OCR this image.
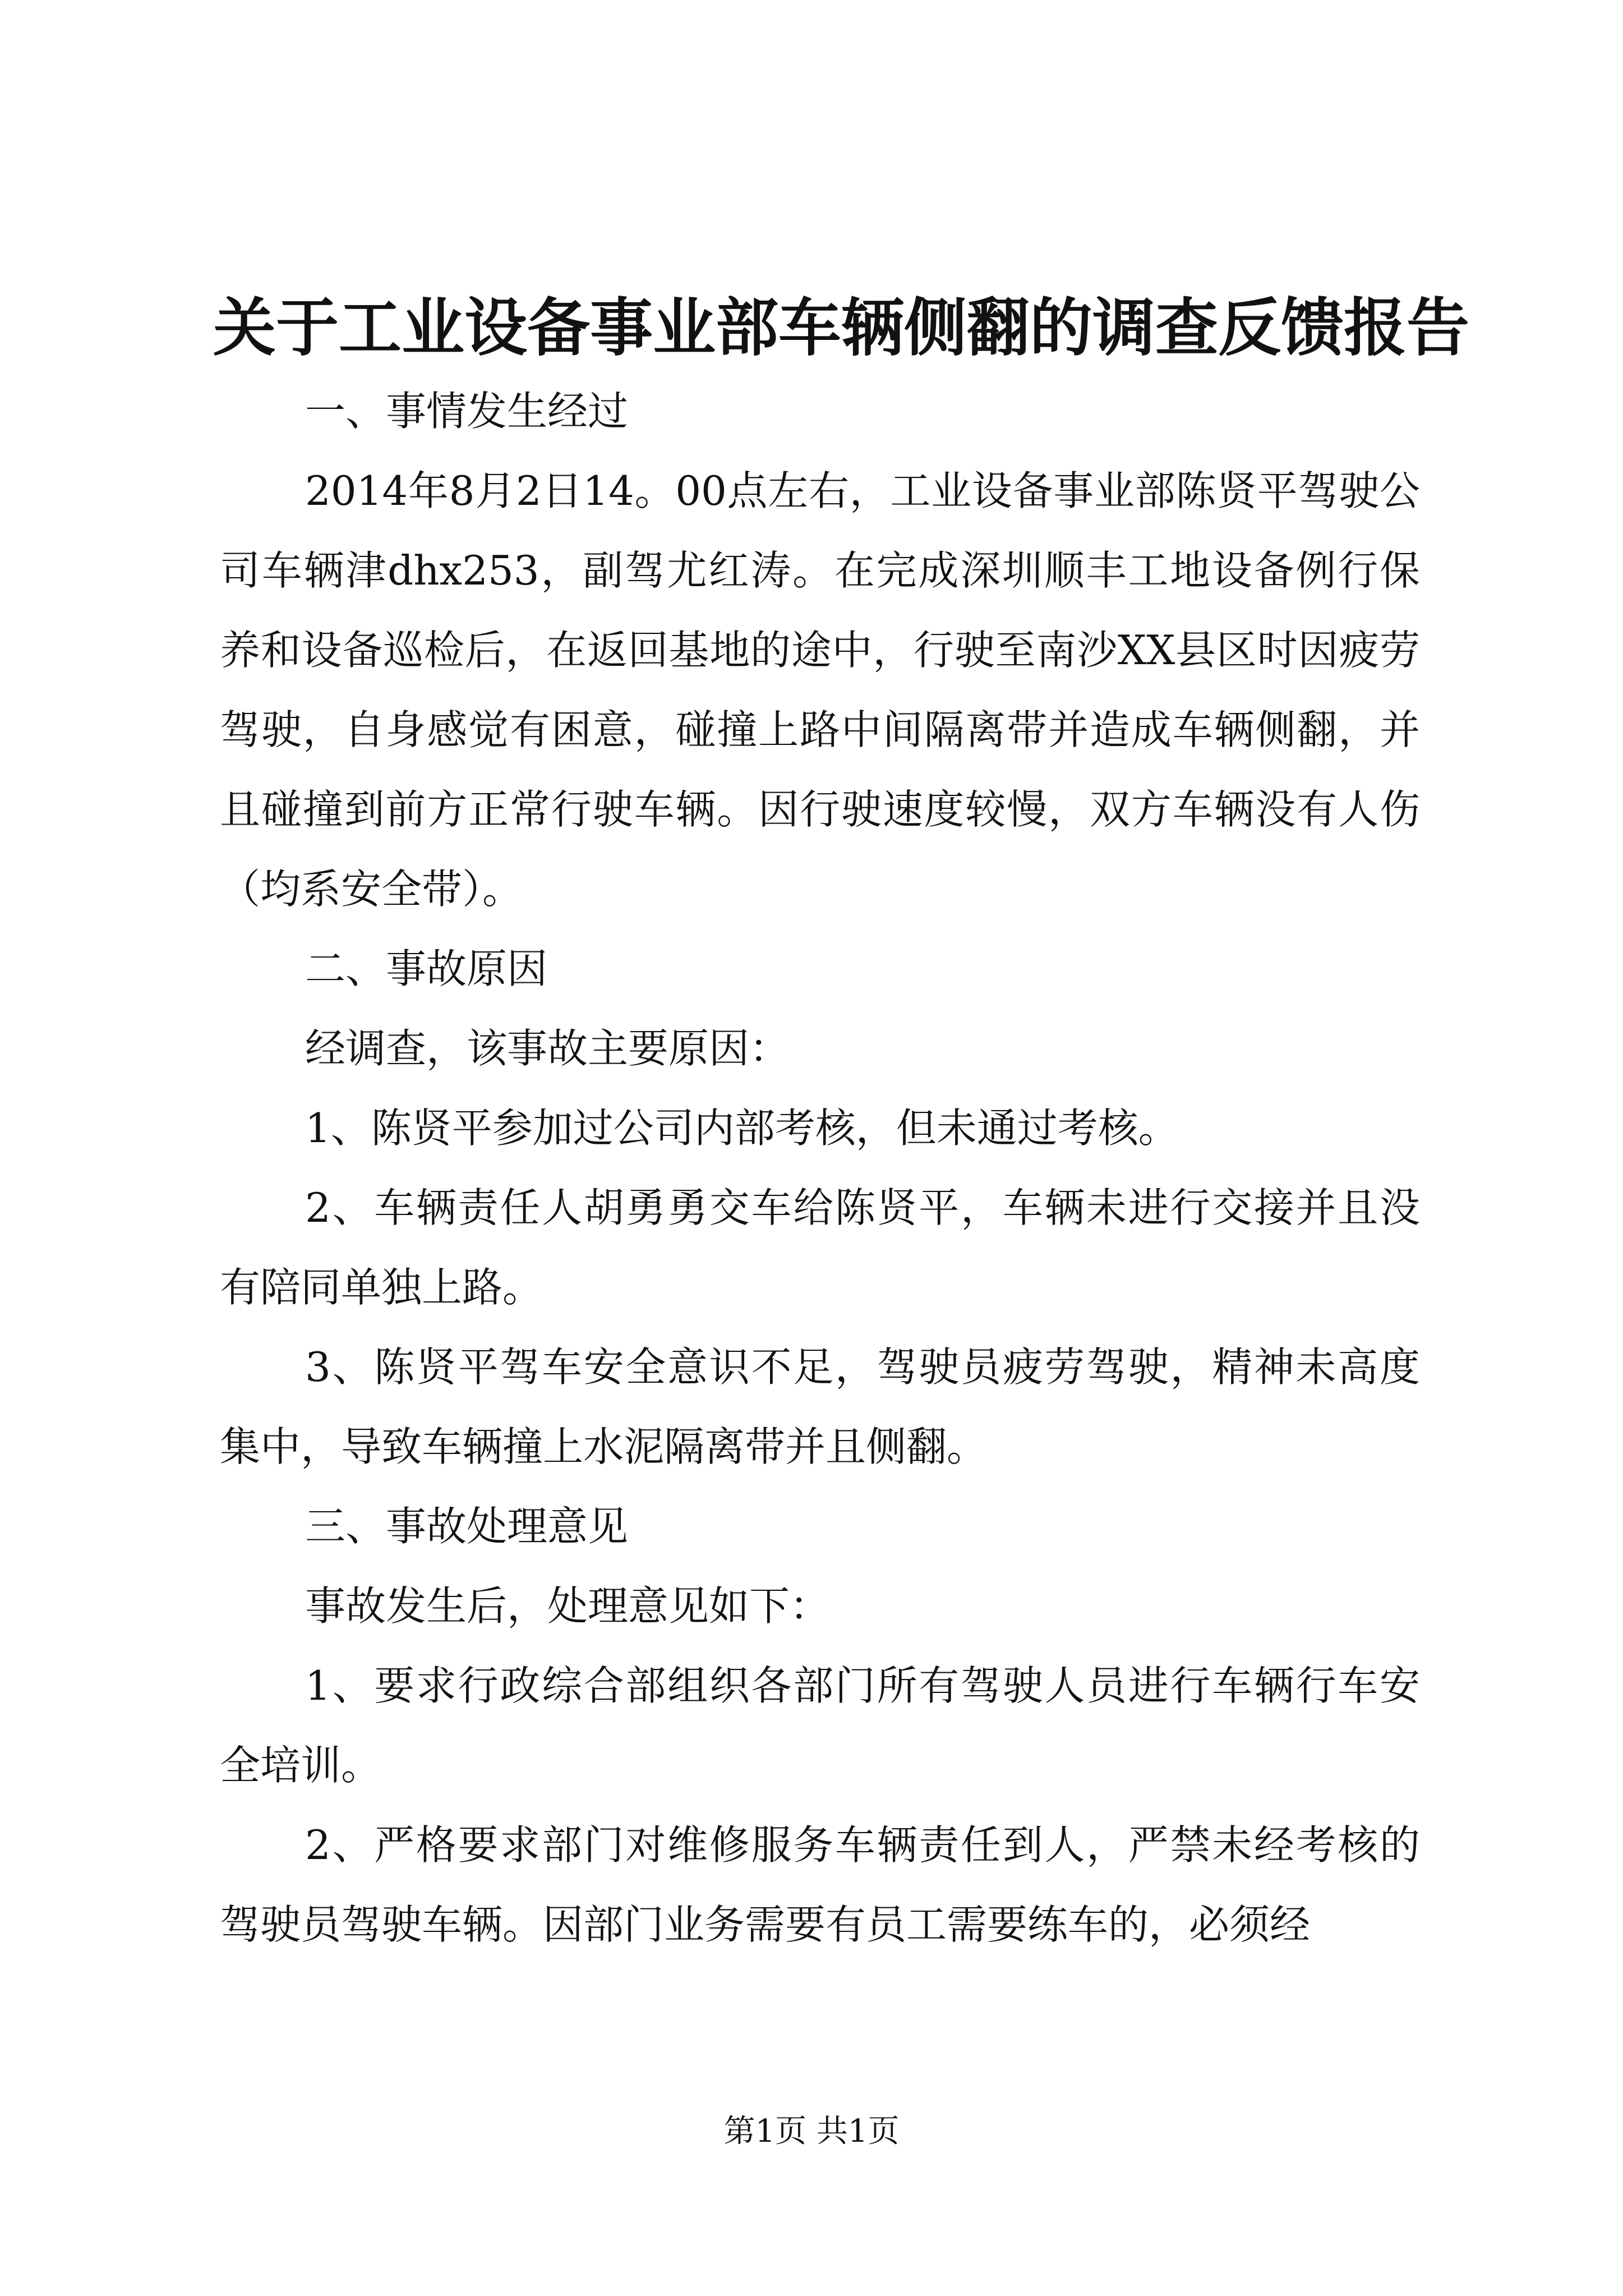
关于工业设备事业部车辆侧翻的调查反馈报告

一、事情发生经过

2014年8月2日14。00点左右，工业设备事业部陈贤平驾驶公司车辆津dhx253，副驾尤红涛。在完成深圳顺丰工地设备例行保养和设备巡检后，在返回基地的途中，行驶至南沙XX县区时因疲劳驾驶，自身感觉有困意，碰撞上路中间隔离带并造成车辆侧翻，并且碰撞到前方正常行驶车辆。因行驶速度较慢，双方车辆没有人伤（均系安全带）。

二、事故原因

经调查，该事故主要原因：

1、陈贤平参加过公司内部考核，但未通过考核。

2、车辆责任人胡勇勇交车给陈贤平，车辆未进行交接并且没有陪同单独上路。

3、陈贤平驾车安全意识不足，驾驶员疲劳驾驶，精神未高度集中，导致车辆撞上水泥隔离带并且侧翻。

三、事故处理意见

事故发生后，处理意见如下：

1、要求行政综合部组织各部门所有驾驶人员进行车辆行车安全培训。

2、严格要求部门对维修服务车辆责任到人，严禁未经考核的驾驶员驾驶车辆。因部门业务需要有员工需要练车的，必须经

第1页 共1页
